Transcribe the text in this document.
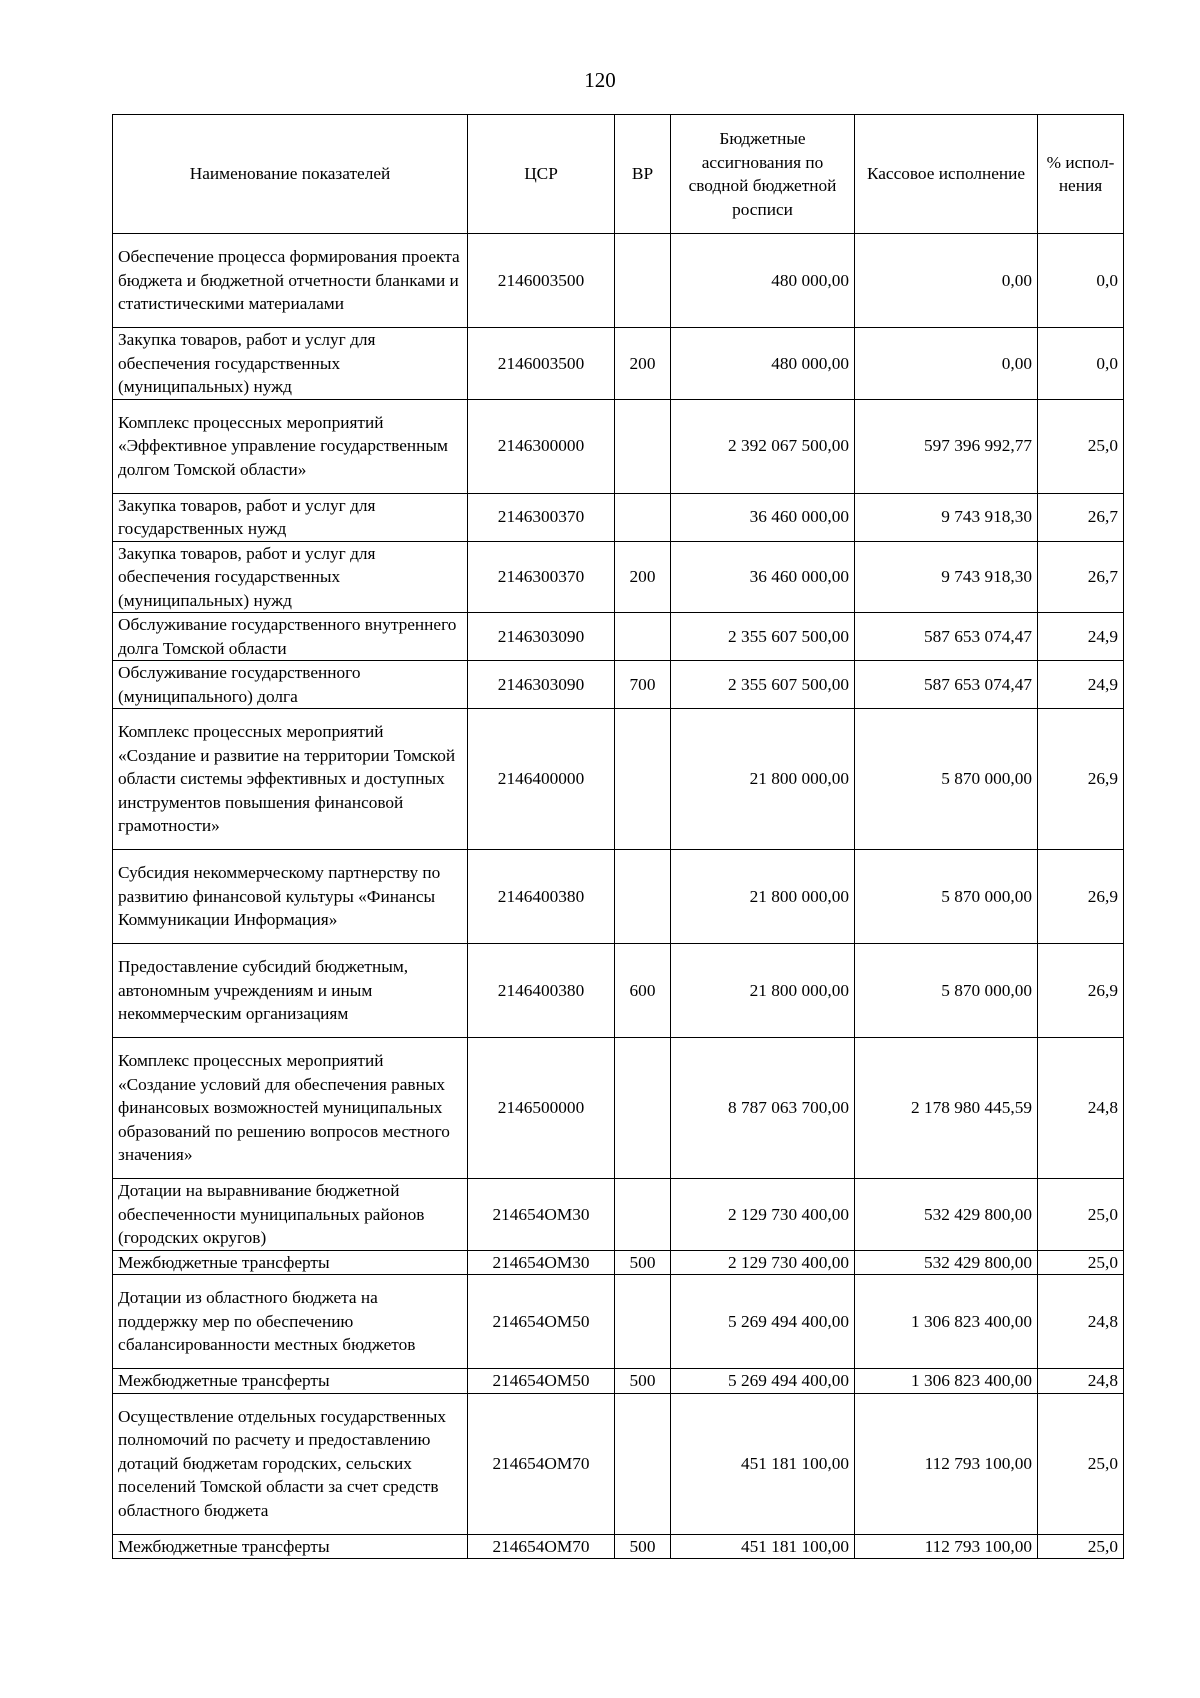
120
Наименование показателей	ЦСР	ВР	Бюджетные ассигнования по сводной бюджетной росписи	Кассовое исполнение	% испол- нения
Обеспечение процесса формирования проекта бюджета и бюджетной отчетности бланками и статистическими материалами	2146003500		480 000,00	0,00	0,0
Закупка товаров, работ и услуг для обеспечения государственных (муниципальных) нужд	2146003500	200	480 000,00	0,00	0,0
Комплекс процессных мероприятий «Эффективное управление государственным долгом Томской области»	2146300000		2 392 067 500,00	597 396 992,77	25,0
Закупка товаров, работ и услуг для государственных нужд	2146300370		36 460 000,00	9 743 918,30	26,7
Закупка товаров, работ и услуг для обеспечения государственных (муниципальных) нужд	2146300370	200	36 460 000,00	9 743 918,30	26,7
Обслуживание государственного внутреннего долга Томской области	2146303090		2 355 607 500,00	587 653 074,47	24,9
Обслуживание государственного (муниципального) долга	2146303090	700	2 355 607 500,00	587 653 074,47	24,9
Комплекс процессных мероприятий «Создание и развитие на территории Томской области системы эффективных и доступных инструментов повышения финансовой грамотности»	2146400000		21 800 000,00	5 870 000,00	26,9
Субсидия некоммерческому партнерству по развитию финансовой культуры «Финансы Коммуникации Информация»	2146400380		21 800 000,00	5 870 000,00	26,9
Предоставление субсидий бюджетным, автономным учреждениям и иным некоммерческим организациям	2146400380	600	21 800 000,00	5 870 000,00	26,9
Комплекс процессных мероприятий «Создание условий для обеспечения равных финансовых возможностей муниципальных образований по решению вопросов местного значения»	2146500000		8 787 063 700,00	2 178 980 445,59	24,8
Дотации на выравнивание бюджетной обеспеченности муниципальных районов (городских округов)	214654OM30		2 129 730 400,00	532 429 800,00	25,0
Межбюджетные трансферты	214654OM30	500	2 129 730 400,00	532 429 800,00	25,0
Дотации из областного бюджета на поддержку мер по обеспечению сбалансированности местных бюджетов	214654OM50		5 269 494 400,00	1 306 823 400,00	24,8
Межбюджетные трансферты	214654OM50	500	5 269 494 400,00	1 306 823 400,00	24,8
Осуществление отдельных государственных полномочий по расчету и предоставлению дотаций бюджетам городских, сельских поселений Томской области за счет средств областного бюджета	214654OM70		451 181 100,00	112 793 100,00	25,0
Межбюджетные трансферты	214654OM70	500	451 181 100,00	112 793 100,00	25,0
